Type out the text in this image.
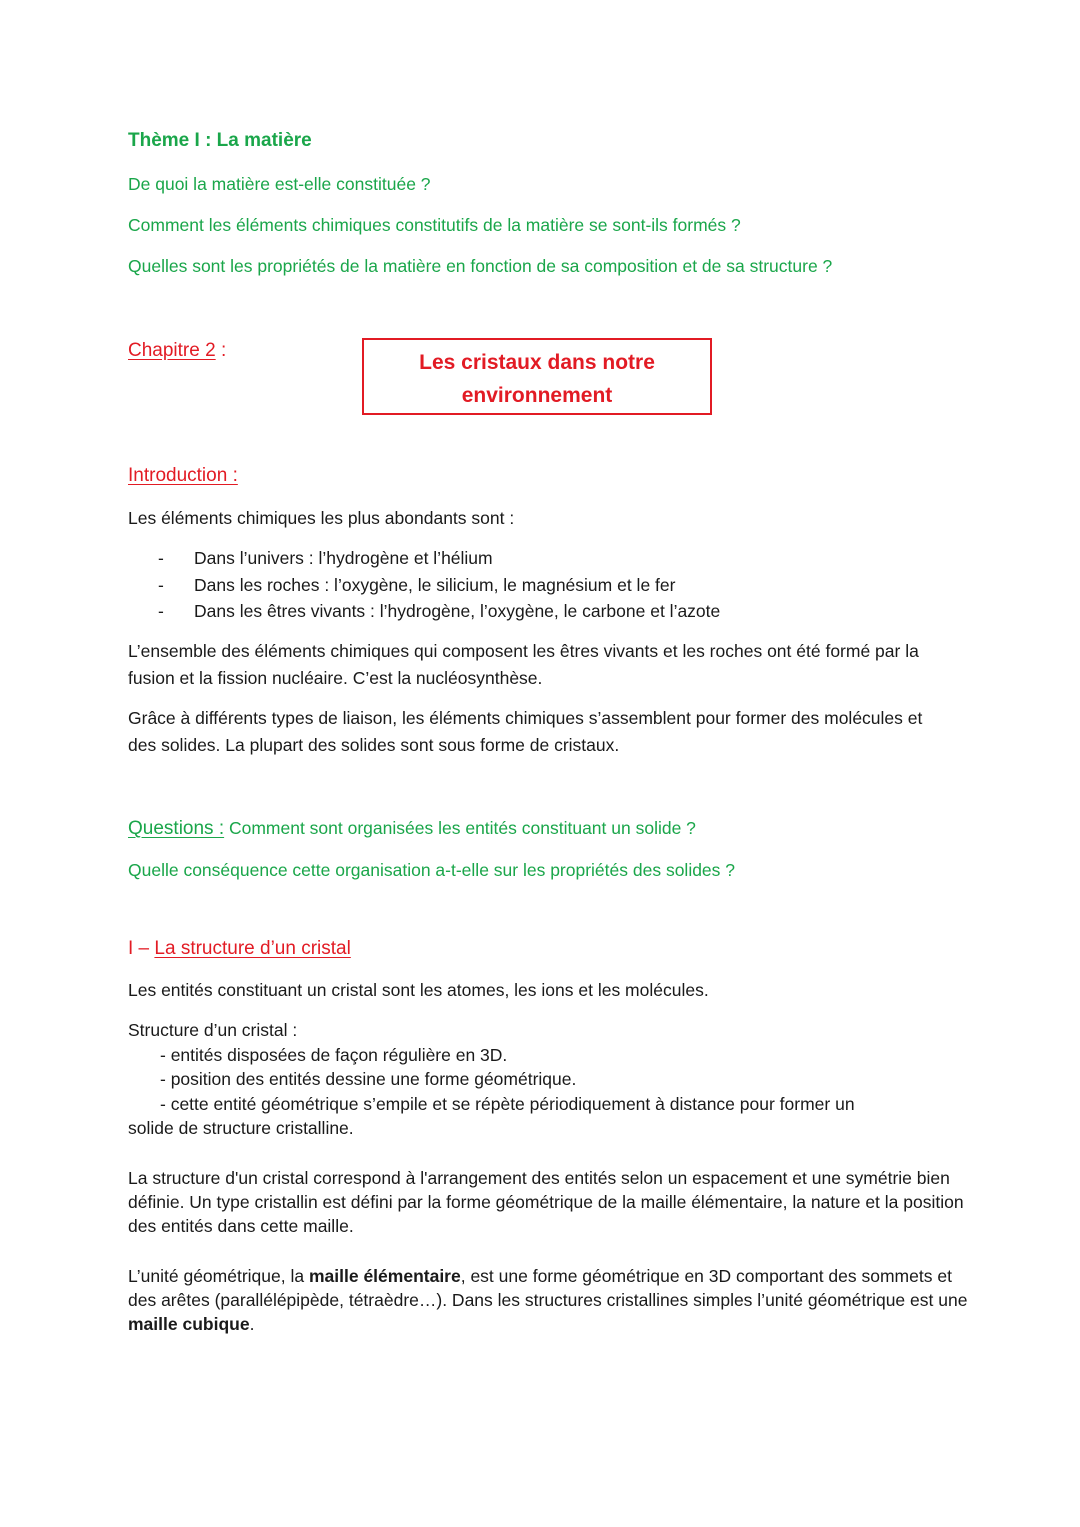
Thème I : La matière
De quoi la matière est-elle constituée ?
Comment les éléments chimiques constitutifs de la matière se sont-ils formés ?
Quelles sont les propriétés de la matière en fonction de sa composition et de sa structure ?
Chapitre 2 :
Les cristaux dans notre
environnement
Introduction :
Les éléments chimiques les plus abondants sont :
- Dans l’univers : l’hydrogène et l’hélium
- Dans les roches : l’oxygène, le silicium, le magnésium et le fer
- Dans les êtres vivants : l’hydrogène, l’oxygène, le carbone et l’azote
L’ensemble des éléments chimiques qui composent les êtres vivants et les roches ont été formé par la fusion et la fission nucléaire. C’est la nucléosynthèse.
Grâce à différents types de liaison, les éléments chimiques s’assemblent pour former des molécules et des solides. La plupart des solides sont sous forme de cristaux.
Questions : Comment sont organisées les entités constituant un solide ?
Quelle conséquence cette organisation a-t-elle sur les propriétés des solides ?
I – La structure d’un cristal
Les entités constituant un cristal sont les atomes, les ions et les molécules.
Structure d’un cristal :
- entités disposées de façon régulière en 3D.
- position des entités dessine une forme géométrique.
- cette entité géométrique s’empile et se répète périodiquement à distance pour former un
solide de structure cristalline.
La structure d'un cristal correspond à l'arrangement des entités selon un espacement et une symétrie bien définie. Un type cristallin est défini par la forme géométrique de la maille élémentaire, la nature et la position des entités dans cette maille.
L’unité géométrique, la maille élémentaire, est une forme géométrique en 3D comportant des sommets et des arêtes (parallélépipède, tétraèdre…). Dans les structures cristallines simples l’unité géométrique est une maille cubique.
